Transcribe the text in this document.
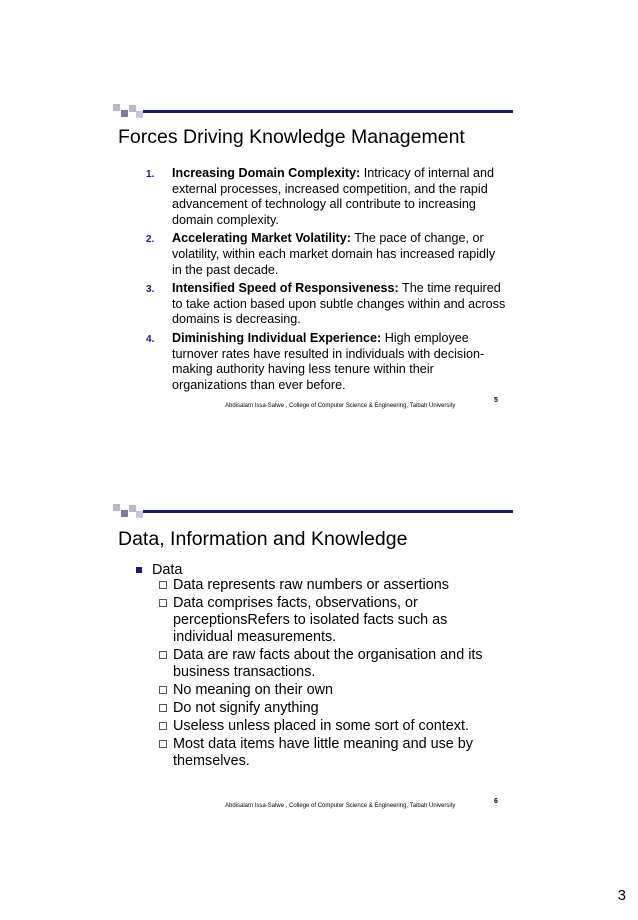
Forces Driving Knowledge Management
1. Increasing Domain Complexity: Intricacy of internal and external processes, increased competition, and the rapid advancement of technology all contribute to increasing domain complexity.
2. Accelerating Market Volatility: The pace of change, or volatility, within each market domain has increased rapidly in the past decade.
3. Intensified Speed of Responsiveness: The time required to take action based upon subtle changes within and across domains is decreasing.
4. Diminishing Individual Experience: High employee turnover rates have resulted in individuals with decision-making authority having less tenure within their organizations than ever before.
5
Abdisalam Issa-Salwe , College of Computer Science & Engineering, Taibah University
Data, Information and Knowledge
Data
Data represents raw numbers or assertions
Data comprises facts, observations, or perceptionsRefers to isolated facts such as individual measurements.
Data are raw facts about the organisation and its business transactions.
No meaning on their own
Do not signify anything
Useless unless placed in some sort of context.
Most data items have little meaning and use by themselves.
6
Abdisalam Issa-Salwe , College of Computer Science & Engineering, Taibah University
3
